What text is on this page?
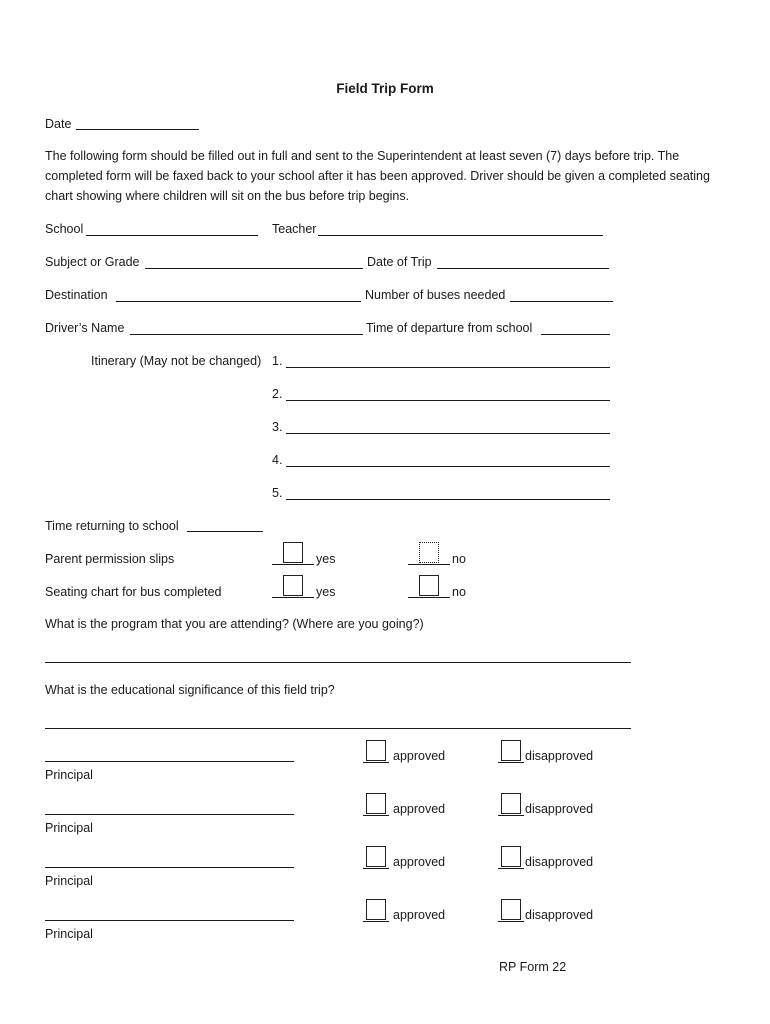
Field Trip Form
Date
The following form should be filled out in full and sent to the Superintendent at least seven (7) days before trip. The completed form will be faxed back to your school after it has been approved. Driver should be given a completed seating chart showing where children will sit on the bus before trip begins.
School	Teacher
Subject or Grade	Date of Trip
Destination	Number of buses needed
Driver’s Name	Time of departure from school
Itinerary (May not be changed) 1.
2.
3.
4.
5.
Time returning to school
Parent permission slips	yes	no
Seating chart for bus completed	yes	no
What is the program that you are attending? (Where are you going?)
What is the educational significance of this field trip?
Principal
approved	disapproved
Principal
approved	disapproved
Principal
approved	disapproved
Principal
approved	disapproved
RP Form 22
